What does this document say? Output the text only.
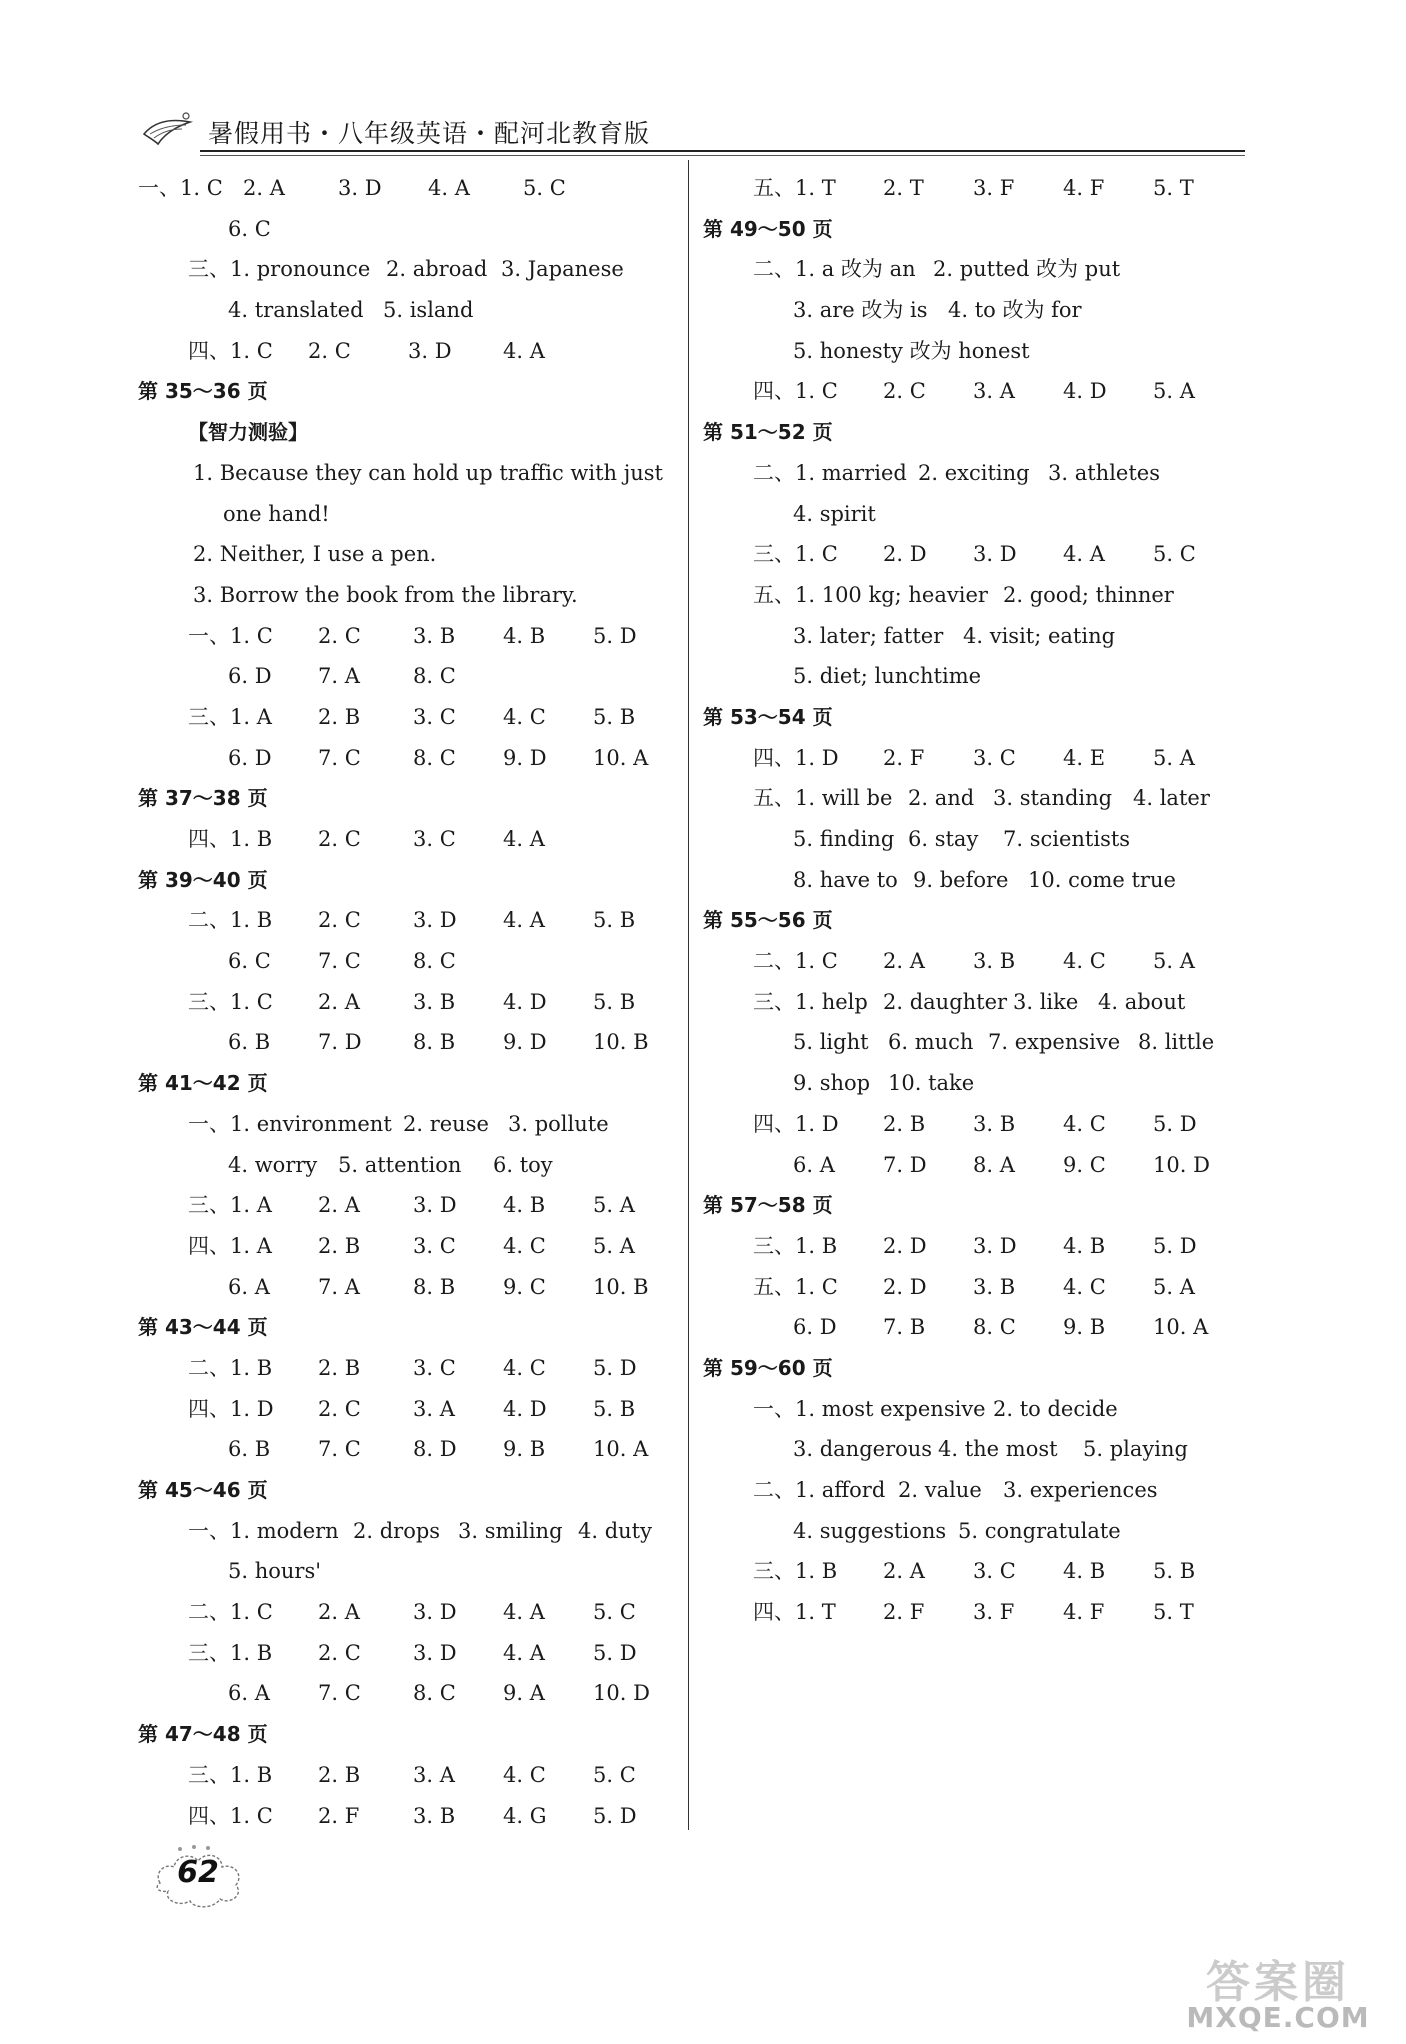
暑假用书・八年级英语・配河北教育版
一、1. C 2. A	3. D 4. A	5. C
6. C
三、1. pronounce 2. abroad 3. Japanese
4. translated 5. island
四、1. C 2. C	3. D 4. A
第 35～36 页
【智力测验】
1. Because they can hold up traffic with just
one hand!
2. Neither, I use a pen.
3. Borrow the book from the library.
一、1. C 2. C 3. B 4. B 5. D
6. D 7. A	8. C
三、1. A 2. B	3. C 4. C 5. B
6. D 7. C 8. C 9. D 10. A
第 37～38 页
四、1. B 2. C 3. C 4. A
第 39～40 页
二、1. B 2. C 3. D 4. A 5. B
6. C 7. C 8. C
三、1. C 2. A	3. B 4. D 5. B
6. B 7. D 8. B 9. D 10. B
第 41～42 页
一、1. environment 2. reuse 3. pollute
4. worry 5. attention 6. toy
三、1. A 2. A	3. D 4. B 5. A
四、1. A 2. B	3. C 4. C 5. A
6. A 7. A	8. B 9. C 10. B
第 43～44 页
二、1. B 2. B	3. C 4. C 5. D
四、1. D 2. C 3. A 4. D 5. B
6. B 7. C 8. D 9. B 10. A
第 45～46 页
一、1. modern 2. drops 3. smiling 4. duty
5. hours'
二、1. C 2. A	3. D 4. A 5. C
三、1. B 2. C 3. D 4. A 5. D
6. A 7. C 8. C 9. A 10. D
第 47～48 页
三、1. B 2. B	3. A 4. C 5. C
四、1. C 2. F	3. B 4. G 5. D
五、1. T 2. T 3. F 4. F 5. T
第 49～50 页
二、1. a 改为 an 2. putted 改为 put
3. are 改为 is 4. to 改为 for
5. honesty 改为 honest
四、1. C 2. C 3. A 4. D 5. A
第 51～52 页
二、1. married 2. exciting 3. athletes
4. spirit
三、1. C 2. D 3. D 4. A 5. C
五、1. 100 kg; heavier 2. good; thinner
3. later; fatter 4. visit; eating
5. diet; lunchtime
第 53～54 页
四、1. D 2. F 3. C 4. E 5. A
五、1. will be 2. and 3. standing 4. later
5. finding 6. stay 7. scientists
8. have to 9. before 10. come true
第 55～56 页
二、1. C 2. A 3. B 4. C 5. A
三、1. help 2. daughter 3. like 4. about
5. light 6. much 7. expensive 8. little
9. shop 10. take
四、1. D 2. B 3. B 4. C 5. D
6. A 7. D 8. A 9. C 10. D
第 57～58 页
三、1. B 2. D 3. D 4. B 5. D
五、1. C 2. D 3. B 4. C 5. A
6. D 7. B 8. C 9. B 10. A
第 59～60 页
一、1. most expensive 2. to decide
3. dangerous 4. the most 5. playing
二、1. afford 2. value 3. experiences
4. suggestions 5. congratulate
三、1. B 2. A 3. C 4. B 5. B
四、1. T 2. F 3. F 4. F 5. T
62
答案圈
MXQE.COM
